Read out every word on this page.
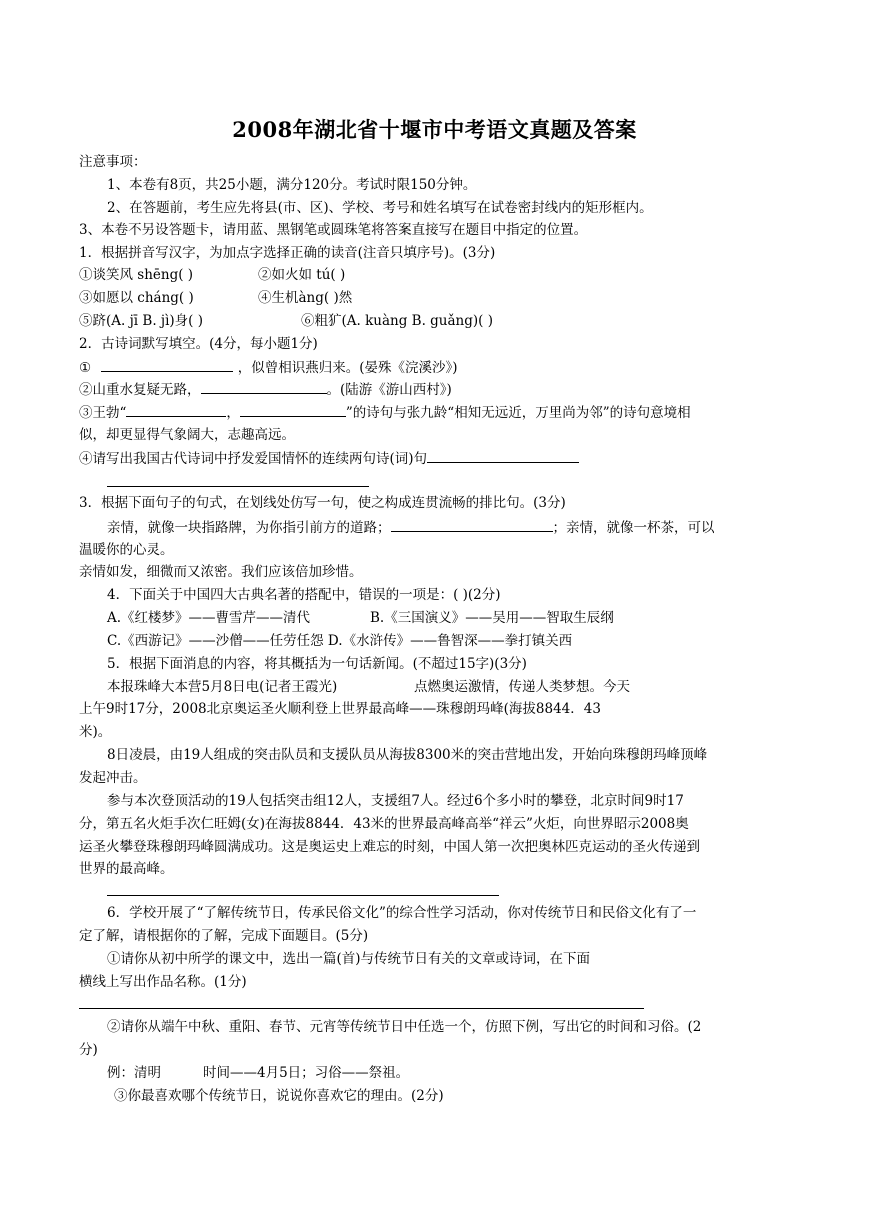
2008年湖北省十堰市中考语文真题及答案
注意事项：
1、本卷有8页，共25小题，满分120分。考试时限150分钟。
2、在答题前，考生应先将县(市、区)、学校、考号和姓名填写在试卷密封线内的矩形框内。
3、本卷不另设答题卡，请用蓝、黑钢笔或圆珠笔将答案直接写在题目中指定的位置。
1．根据拼音写汉字，为加点字选择正确的读音(注音只填序号)。(3分)
①谈笑风 shēng( )	②如火如 tú( )
③如愿以 cháng( )	④生机àng( )然
⑤跻(A. jī B. jì)身( )	⑥粗犷(A. kuàng B. guǎng)( )
2．古诗词默写填空。(4分，每小题1分)
①	，似曾相识燕归来。(晏殊《浣溪沙》)
②山重水复疑无路，	。(陆游《游山西村》)
③王勃“	，	”的诗句与张九龄“相知无远近，万里尚为邻”的诗句意境相
似，却更显得气象阔大，志趣高远。
④请写出我国古代诗词中抒发爱国情怀的连续两句诗(词)句
3．根据下面句子的句式，在划线处仿写一句，使之构成连贯流畅的排比句。(3分)
亲情，就像一块指路牌，为你指引前方的道路；	；亲情，就像一杯茶，可以
温暖你的心灵。
亲情如发，细微而又浓密。我们应该倍加珍惜。
4．下面关于中国四大古典名著的搭配中，错误的一项是：( )(2分)
A.《红楼梦》——曹雪芹——清代	B.《三国演义》——吴用——智取生辰纲
C.《西游记》——沙僧——任劳任怨 D.《水浒传》——鲁智深——拳打镇关西
5．根据下面消息的内容，将其概括为一句话新闻。(不超过15字)(3分)
本报珠峰大本营5月8日电(记者王霞光)	点燃奥运激情，传递人类梦想。今天
上午9时17分，2008北京奥运圣火顺利登上世界最高峰——珠穆朗玛峰(海拔8844．43
米)。
8日凌晨，由19人组成的突击队员和支援队员从海拔8300米的突击营地出发，开始向珠穆朗玛峰顶峰
发起冲击。
参与本次登顶活动的19人包括突击组12人，支援组7人。经过6个多小时的攀登，北京时间9时17
分，第五名火炬手次仁旺姆(女)在海拔8844．43米的世界最高峰高举“祥云”火炬，向世界昭示2008奥
运圣火攀登珠穆朗玛峰圆满成功。这是奥运史上难忘的时刻，中国人第一次把奥林匹克运动的圣火传递到
世界的最高峰。
6．学校开展了“了解传统节日，传承民俗文化”的综合性学习活动，你对传统节日和民俗文化有了一
定了解，请根据你的了解，完成下面题目。(5分)
①请你从初中所学的课文中，选出一篇(首)与传统节日有关的文章或诗词，在下面
横线上写出作品名称。(1分)
②请你从端午中秋、重阳、春节、元宵等传统节日中任选一个，仿照下例，写出它的时间和习俗。(2
分)
例：清明	时间——4月5日；习俗——祭祖。
③你最喜欢哪个传统节日，说说你喜欢它的理由。(2分)
